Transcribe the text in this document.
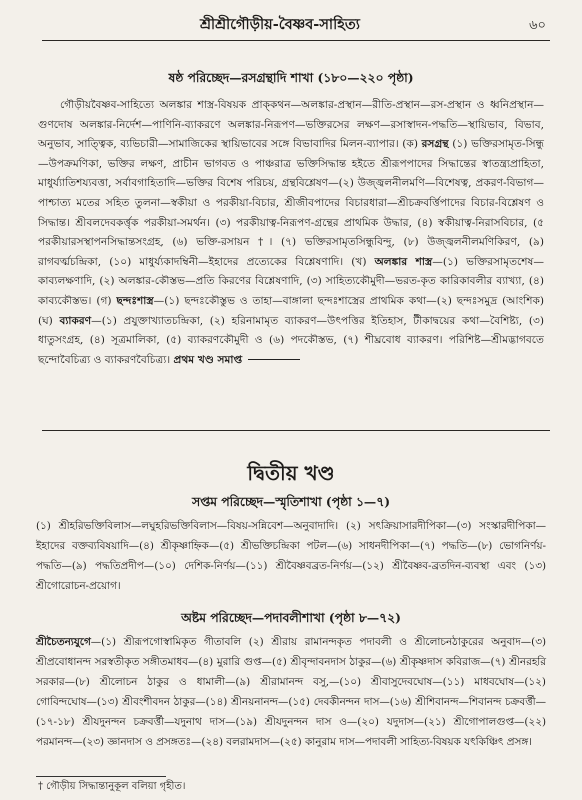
শ্রীশ্রীগৌড়ীয়-বৈষ্ণব-সাহিত্য	৬০
ষষ্ঠ পরিচ্ছেদ—রসগ্রন্থাদি শাখা (১৮০—২২০ পৃষ্ঠা)

গৌড়ীয়বৈষ্ণব-সাহিত্যে অলঙ্কার শাস্ত্র-বিষয়ক প্রাক্‌কথন—অলঙ্কার-প্রস্থান—রীতি-প্রস্থান—রস-প্রস্থান ও ধ্বনিপ্রস্থান—গুণদোষ অলঙ্কার-নির্দেশ—পাণিনি-ব্যাকরণে অলঙ্কার-নিরূপণ—ভক্তিরসের লক্ষণ—রসাস্বাদন-পদ্ধতি—স্থায়িভাব, বিভাব, অনুভাব, সাত্ত্বিক, ব্যভিচারী—সামাজিকের স্থায়িভাবের সঙ্গে বিভাবাদির মিলন-ব্যাপার। (ক) রসগ্রন্থ (১) ভক্তিরসামৃত-সিন্ধু—উপক্রমণিকা, ভক্তির লক্ষণ, প্রাচীন ভাগবত ও পাঞ্চরাত্র ভক্তিসিদ্ধান্ত হইতে শ্রীরূপপাদের সিদ্ধান্তের স্বাতন্ত্র্যপ্রাহিতা, মাধুর্য্যাতিশয্যবত্তা, সর্বাবগাহিতাদি—ভক্তির বিশেষ পরিচয়, গ্রন্থবিশ্লেষণ—(২) উজ্জ্বলনীলমণি—বিশেষত্ব, প্রকরণ-বিভাগ—পাশ্চাত্য মতের সহিত তুলনা—স্বকীয়া ও পরকীয়া-বিচার, শ্রীজীবপাদের বিচারধারা—শ্রীচক্রবর্ত্তিপাদের বিচার-বিশ্লেষণ ও সিদ্ধান্ত। শ্রীবলদেবকর্ত্তৃক পরকীয়া-সমর্থন। (৩) পরকীয়াত্ব-নিরূপণ-গ্রন্থের প্রাথমিক উদ্ধার, (৪) স্বকীয়াত্ব-নিরাসবিচার, (৫ পরকীয়ারসস্থাপনসিদ্ধান্তসংগ্রহ, (৬) ভক্তি-রসায়ন †। (৭) ভক্তিরসামৃতসিন্ধুবিন্দু, (৮) উজ্জ্বলনীলমণিকিরণ, (৯) রাগবর্ত্মচন্দ্রিকা, (১০) মাধুর্য্যকাদম্বিনী—ইহাদের প্রত্যেকের বিশ্লেষণাদি। (খ) অলঙ্কার শাস্ত্র—(১) ভক্তিরসামৃতশেষ—কাব্যলক্ষণাদি, (২) অলঙ্কার-কৌস্তভ—প্রতি কিরণের বিশ্লেষণাদি, (৩) সাহিত্যকৌমুদী—ভরত-কৃত কারিকাবলীর ব্যাখ্যা, (৪) কাব্যকৌস্তভ। (গ) ছন্দঃশাস্ত্র—(১) ছন্দঃকৌস্তুভ ও তাহা—বাঙ্গালা ছন্দঃশাস্ত্রের প্রাথমিক কথা—(২) ছন্দঃসমুদ্র (আংশিক) (ঘ) ব্যাকরণ—(১) প্রযুক্তাখ্যাতচন্দ্রিকা, (২) হরিনামামৃত ব্যাকরণ—উৎপত্তির ইতিহাস, টীকাদ্বয়ের কথা—বৈশিষ্ট্য, (৩) ধাতুসংগ্রহ, (৪) সূত্রমালিকা, (৫) ব্যাকরণকৌমুদী ও (৬) পদকৌস্তভ, (৭) শীঘ্রবোধ ব্যাকরণ। পরিশিষ্ট—শ্রীমদ্ভাগবতে ছন্দোবৈচিত্র্য ও ব্যাকরণবৈচিত্র্য। প্রথম খণ্ড সমাপ্ত

দ্বিতীয় খণ্ড
সপ্তম পরিচ্ছেদ—স্মৃতিশাখা (পৃষ্ঠা ১—৭)

(১) শ্রীহরিভক্তিবিলাস—লঘুহরিভক্তিবিলাস—বিষয়-সন্নিবেশ—অনুবাদাদি। (২) সৎক্রিয়াসারদীপিকা—(৩) সংস্কারদীপিকা—ইহাদের বক্তব্যবিষয়াদি—(৪) শ্রীকৃষ্ণাহ্নিক—(৫) শ্রীভক্তিচন্দ্রিকা পটল—(৬) সাধনদীপিকা—(৭) পদ্ধতি—(৮) ভোগনির্ণয়-পদ্ধতি—(৯) পদ্ধতিপ্রদীপ—(১০) দেশিক-নির্ণয়—(১১) শ্রীবৈষ্ণবব্রত-নির্ণয়—(১২) শ্রীবৈষ্ণব-ব্রতদিন-ব্যবস্থা এবং (১৩) শ্রীগোরোচন-প্রয়োগ।

অষ্টম পরিচ্ছেদ—পদাবলীশাখা (পৃষ্ঠা ৮—৭২)

শ্রীচৈতন্যযুগে—(১) শ্রীরূপগোস্বামিকৃত গীতাবলি (২) শ্রীরায় রামানন্দকৃত পদাবলী ও শ্রীলোচনঠাকুরের অনুবাদ—(৩) শ্রীপ্রবোধানন্দ সরস্বতীকৃত সঙ্গীতমাধব—(৪) মুরারি গুপ্ত—(৫) শ্রীবৃন্দাবনদাস ঠাকুর—(৬) শ্রীকৃষ্ণদাস কবিরাজ—(৭) শ্রীনরহরি সরকার—(৮) শ্রীলোচন ঠাকুর ও ধামালী—(৯) শ্রীরামানন্দ বসু,—(১০) শ্রীবাসুদেবঘোষ—(১১) মাধবঘোষ—(১২) গোবিন্দঘোষ—(১৩) শ্রীবংশীবদন ঠাকুর—(১৪) শ্রীনয়নানন্দ—(১৫) দেবকীনন্দন দাস—(১৬) শ্রীশিবানন্দ—শিবানন্দ চক্রবর্ত্তী—(১৭-১৮) শ্রীযদুনন্দন চক্রবর্ত্তী—যদুনাথ দাস—(১৯) শ্রীযদুনন্দন দাস ও—(২০) যদুদাস—(২১) শ্রীগোপালগুপ্ত—(২২) পরমানন্দ—(২৩) জ্ঞানদাস ও প্রসঙ্গতঃ—(২৪) বলরামদাস—(২৫) কানুরাম দাস—পদাবলী সাহিত্য-বিষয়ক যৎকিঞ্চিৎ প্রসঙ্গ।

† গৌড়ীয় সিদ্ধান্তানুকূল বলিয়া গৃহীত।
